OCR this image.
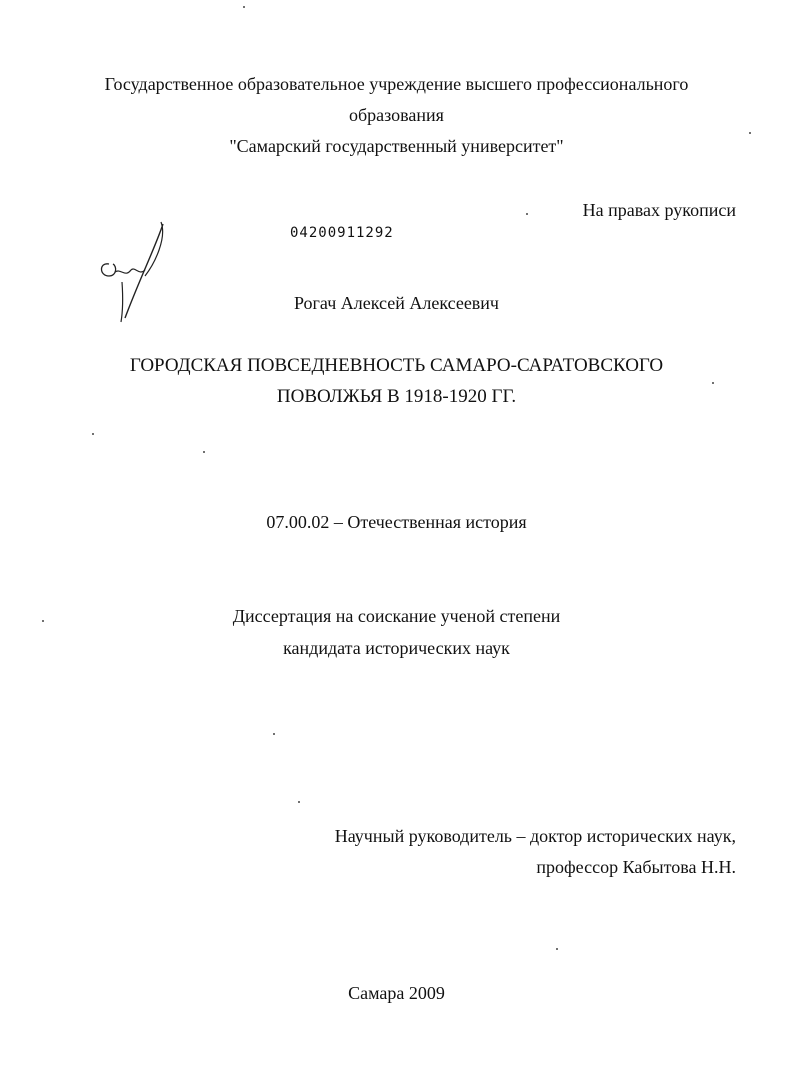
Государственное образовательное учреждение высшего профессионального
образования
"Самарский государственный университет"
На правах рукописи
04200911292
Рогач Алексей Алексеевич
ГОРОДСКАЯ ПОВСЕДНЕВНОСТЬ САМАРО-САРАТОВСКОГО
ПОВОЛЖЬЯ В 1918-1920 ГГ.
07.00.02 – Отечественная история
Диссертация на соискание ученой степени
кандидата исторических наук
Научный руководитель – доктор исторических наук,
профессор Кабытова Н.Н.
Самара 2009
